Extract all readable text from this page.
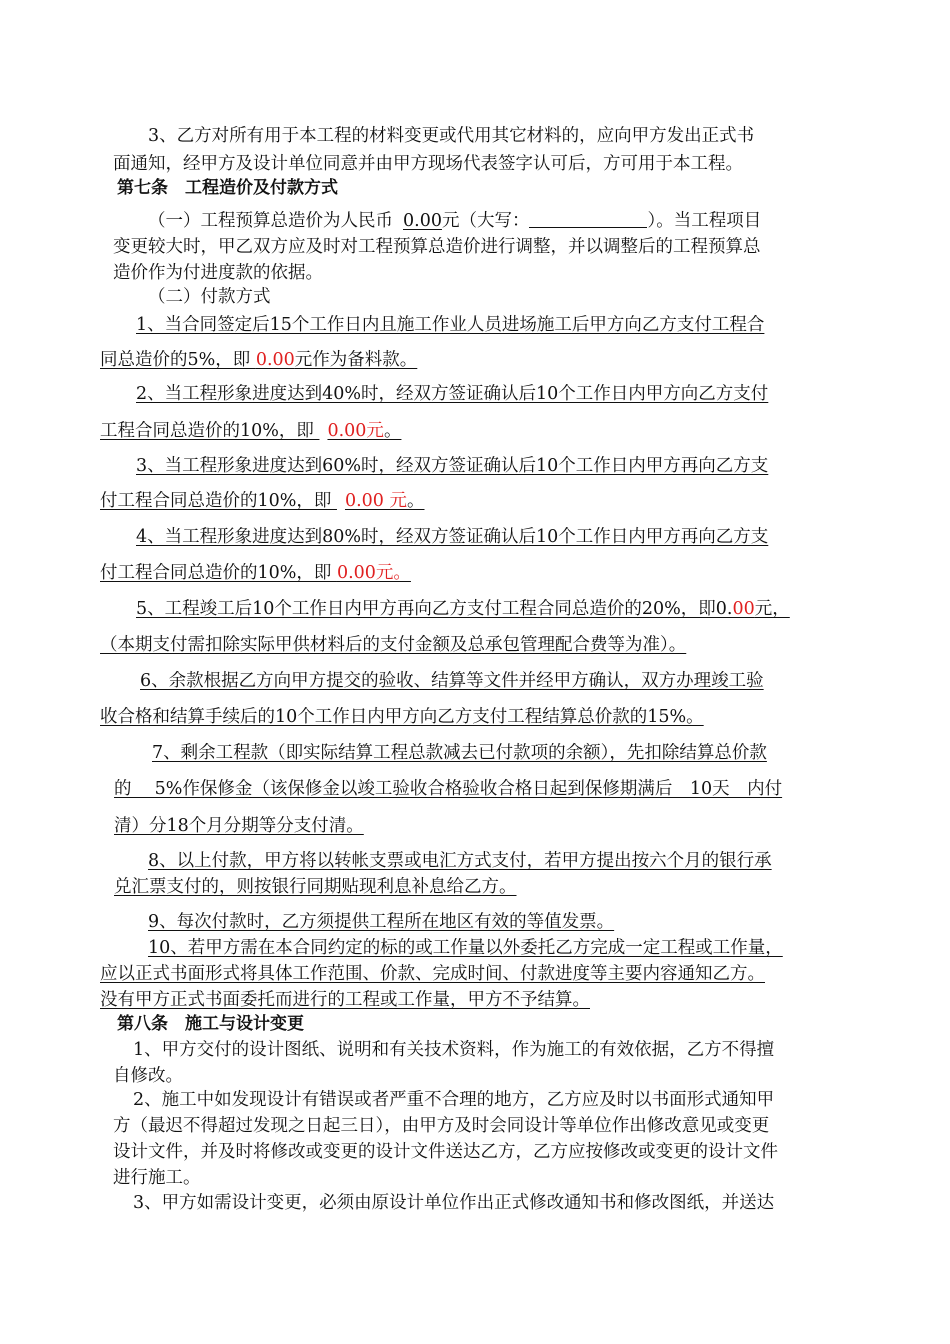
3、乙方对所有用于本工程的材料变更或代用其它材料的，应向甲方发出正式书
面通知，经甲方及设计单位同意并由甲方现场代表签字认可后，方可用于本工程。
第七条　工程造价及付款方式
（一）工程预算总造价为人民币 0.00元（大写：	）。当工程项目
变更较大时，甲乙双方应及时对工程预算总造价进行调整，并以调整后的工程预算总
造价作为付进度款的依据。
（二）付款方式
1、当合同签定后15个工作日内且施工作业人员进场施工后甲方向乙方支付工程合
同总造价的5%，即 0.00元作为备料款。
2、当工程形象进度达到40%时，经双方签证确认后10个工作日内甲方向乙方支付
工程合同总造价的10%，即 0.00元。
3、当工程形象进度达到60%时，经双方签证确认后10个工作日内甲方再向乙方支
付工程合同总造价的10%，即 0.00 元。
4、当工程形象进度达到80%时，经双方签证确认后10个工作日内甲方再向乙方支
付工程合同总造价的10%，即 0.00元。
5、工程竣工后10个工作日内甲方再向乙方支付工程合同总造价的20%，即0.00元，
（本期支付需扣除实际甲供材料后的支付金额及总承包管理配合费等为准）。
6、余款根据乙方向甲方提交的验收、结算等文件并经甲方确认，双方办理竣工验
收合格和结算手续后的10个工作日内甲方向乙方支付工程结算总价款的15%。
7、剩余工程款（即实际结算工程总款减去已付款项的余额），先扣除结算总价款
的　 5%作保修金（该保修金以竣工验收合格验收合格日起到保修期满后　10天　内付
清）分18个月分期等分支付清。
8、以上付款，甲方将以转帐支票或电汇方式支付，若甲方提出按六个月的银行承
兑汇票支付的，则按银行同期贴现利息补息给乙方。
9、每次付款时，乙方须提供工程所在地区有效的等值发票。
10、若甲方需在本合同约定的标的或工作量以外委托乙方完成一定工程或工作量，
应以正式书面形式将具体工作范围、价款、完成时间、付款进度等主要内容通知乙方。
没有甲方正式书面委托而进行的工程或工作量，甲方不予结算。
第八条　施工与设计变更
1、甲方交付的设计图纸、说明和有关技术资料，作为施工的有效依据，乙方不得擅
自修改。
2、施工中如发现设计有错误或者严重不合理的地方，乙方应及时以书面形式通知甲
方（最迟不得超过发现之日起三日），由甲方及时会同设计等单位作出修改意见或变更
设计文件，并及时将修改或变更的设计文件送达乙方，乙方应按修改或变更的设计文件
进行施工。
3、甲方如需设计变更，必须由原设计单位作出正式修改通知书和修改图纸，并送达
